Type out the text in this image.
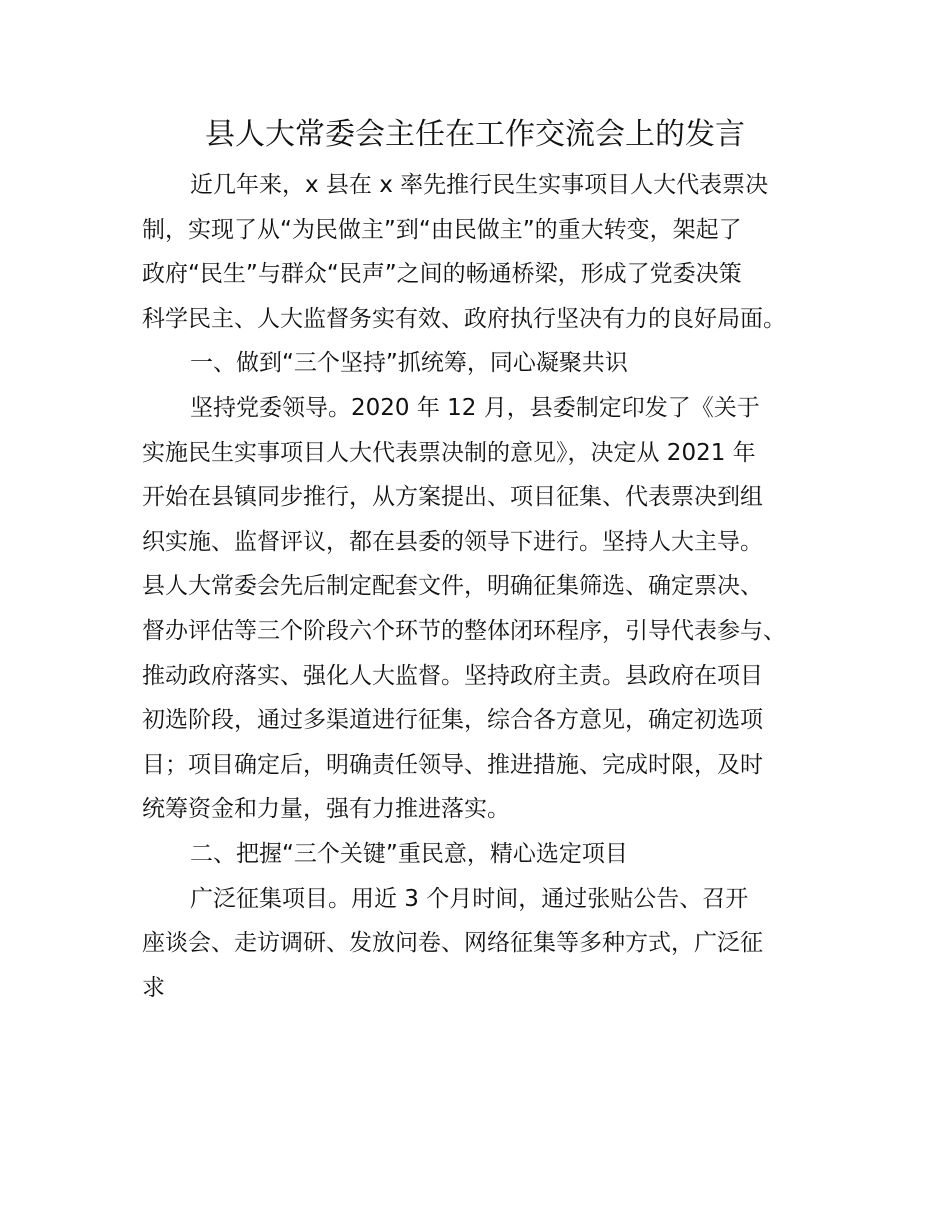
县人大常委会主任在工作交流会上的发言
近几年来，x 县在 x 率先推行民生实事项目人大代表票决
制，实现了从“为民做主”到“由民做主”的重大转变，架起了
政府“民生”与群众“民声”之间的畅通桥梁，形成了党委决策
科学民主、人大监督务实有效、政府执行坚决有力的良好局面。
一、做到“三个坚持”抓统筹，同心凝聚共识
坚持党委领导。2020 年 12 月，县委制定印发了《关于
实施民生实事项目人大代表票决制的意见》，决定从 2021 年
开始在县镇同步推行，从方案提出、项目征集、代表票决到组
织实施、监督评议，都在县委的领导下进行。坚持人大主导。
县人大常委会先后制定配套文件，明确征集筛选、确定票决、
督办评估等三个阶段六个环节的整体闭环程序，引导代表参与、
推动政府落实、强化人大监督。坚持政府主责。县政府在项目
初选阶段，通过多渠道进行征集，综合各方意见，确定初选项
目；项目确定后，明确责任领导、推进措施、完成时限，及时
统筹资金和力量，强有力推进落实。
二、把握“三个关键”重民意，精心选定项目
广泛征集项目。用近 3 个月时间，通过张贴公告、召开
座谈会、走访调研、发放问卷、网络征集等多种方式，广泛征
求
